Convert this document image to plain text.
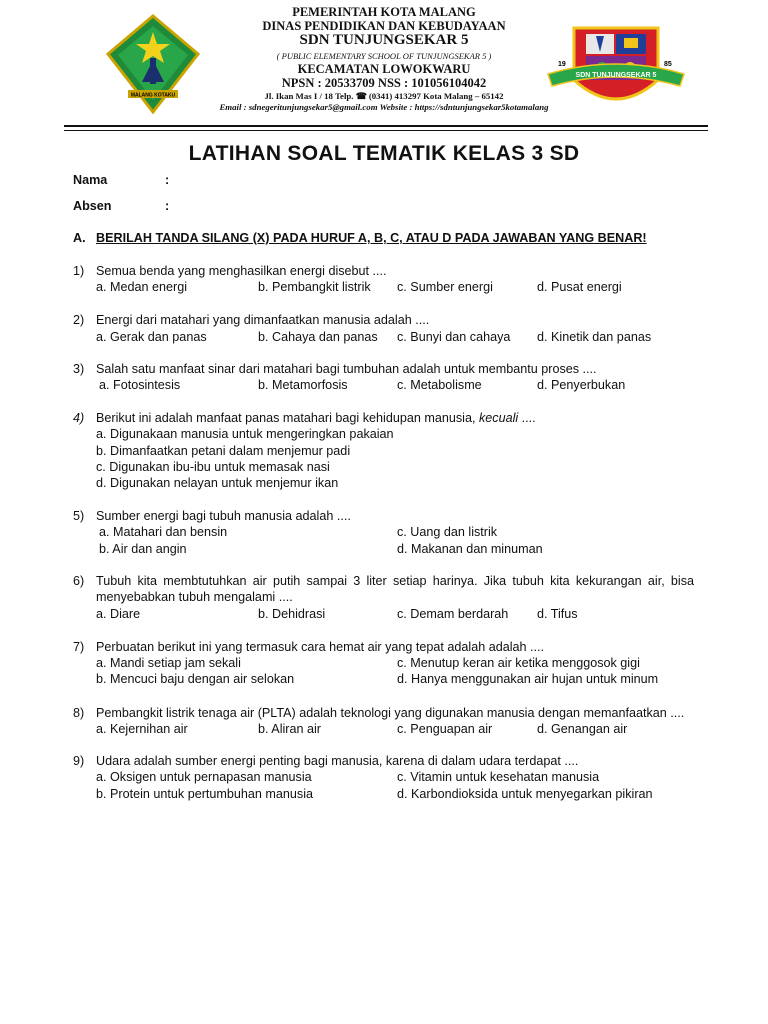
MALANG KOTAKU
PEMERINTAH KOTA MALANG
DINAS PENDIDIKAN DAN KEBUDAYAAN
SDN TUNJUNGSEKAR 5
( PUBLIC ELEMENTARY SCHOOL OF TUNJUNGSEKAR 5 )
KECAMATAN LOWOKWARU
NPSN : 20533709 NSS : 101056104042
Jl. Ikan Mas I / 18 Telp. ☎ (0341) 413297 Kota Malang – 65142
Email : sdnegeritunjungsekar5@gmail.com Website : https://sdntunjungsekar5kotamalang
SDN TUNJUNGSEKAR 5
19	85
LATIHAN SOAL TEMATIK KELAS 3 SD
Nama	:
Absen	:
A. BERILAH TANDA SILANG (X) PADA HURUF A, B, C, ATAU D PADA JAWABAN YANG BENAR!
1) Semua benda yang menghasilkan energi disebut ....
a. Medan energi	b. Pembangkit listrik c. Sumber energi	d. Pusat energi
2) Energi dari matahari yang dimanfaatkan manusia adalah ....
a. Gerak dan panas	b. Cahaya dan panas c. Bunyi dan cahaya d. Kinetik dan panas
3) Salah satu manfaat sinar dari matahari bagi tumbuhan adalah untuk membantu proses ....
a. Fotosintesis	b. Metamorfosis	c. Metabolisme	d. Penyerbukan
4) Berikut ini adalah manfaat panas matahari bagi kehidupan manusia, kecuali ....
a. Digunakaan manusia untuk mengeringkan pakaian
b. Dimanfaatkan petani dalam menjemur padi
c. Digunakan ibu-ibu untuk memasak nasi
d. Digunakan nelayan untuk menjemur ikan
5) Sumber energi bagi tubuh manusia adalah ....
a. Matahari dan bensin	c. Uang dan listrik
b. Air dan angin	d. Makanan dan minuman
6) Tubuh kita membtutuhkan air putih sampai 3 liter setiap harinya. Jika tubuh kita kekurangan air, bisa
menyebabkan tubuh mengalami ....
a. Diare	b. Dehidrasi	c. Demam berdarah d. Tifus
7) Perbuatan berikut ini yang termasuk cara hemat air yang tepat adalah adalah ....
a. Mandi setiap jam sekali	c. Menutup keran air ketika menggosok gigi
b. Mencuci baju dengan air selokan	d. Hanya menggunakan air hujan untuk minum
8) Pembangkit listrik tenaga air (PLTA) adalah teknologi yang digunakan manusia dengan memanfaatkan ....
a. Kejernihan air	b. Aliran air	c. Penguapan air	d. Genangan air
9) Udara adalah sumber energi penting bagi manusia, karena di dalam udara terdapat ....
a. Oksigen untuk pernapasan manusia	c. Vitamin untuk kesehatan manusia
b. Protein untuk pertumbuhan manusia	d. Karbondioksida untuk menyegarkan pikiran
